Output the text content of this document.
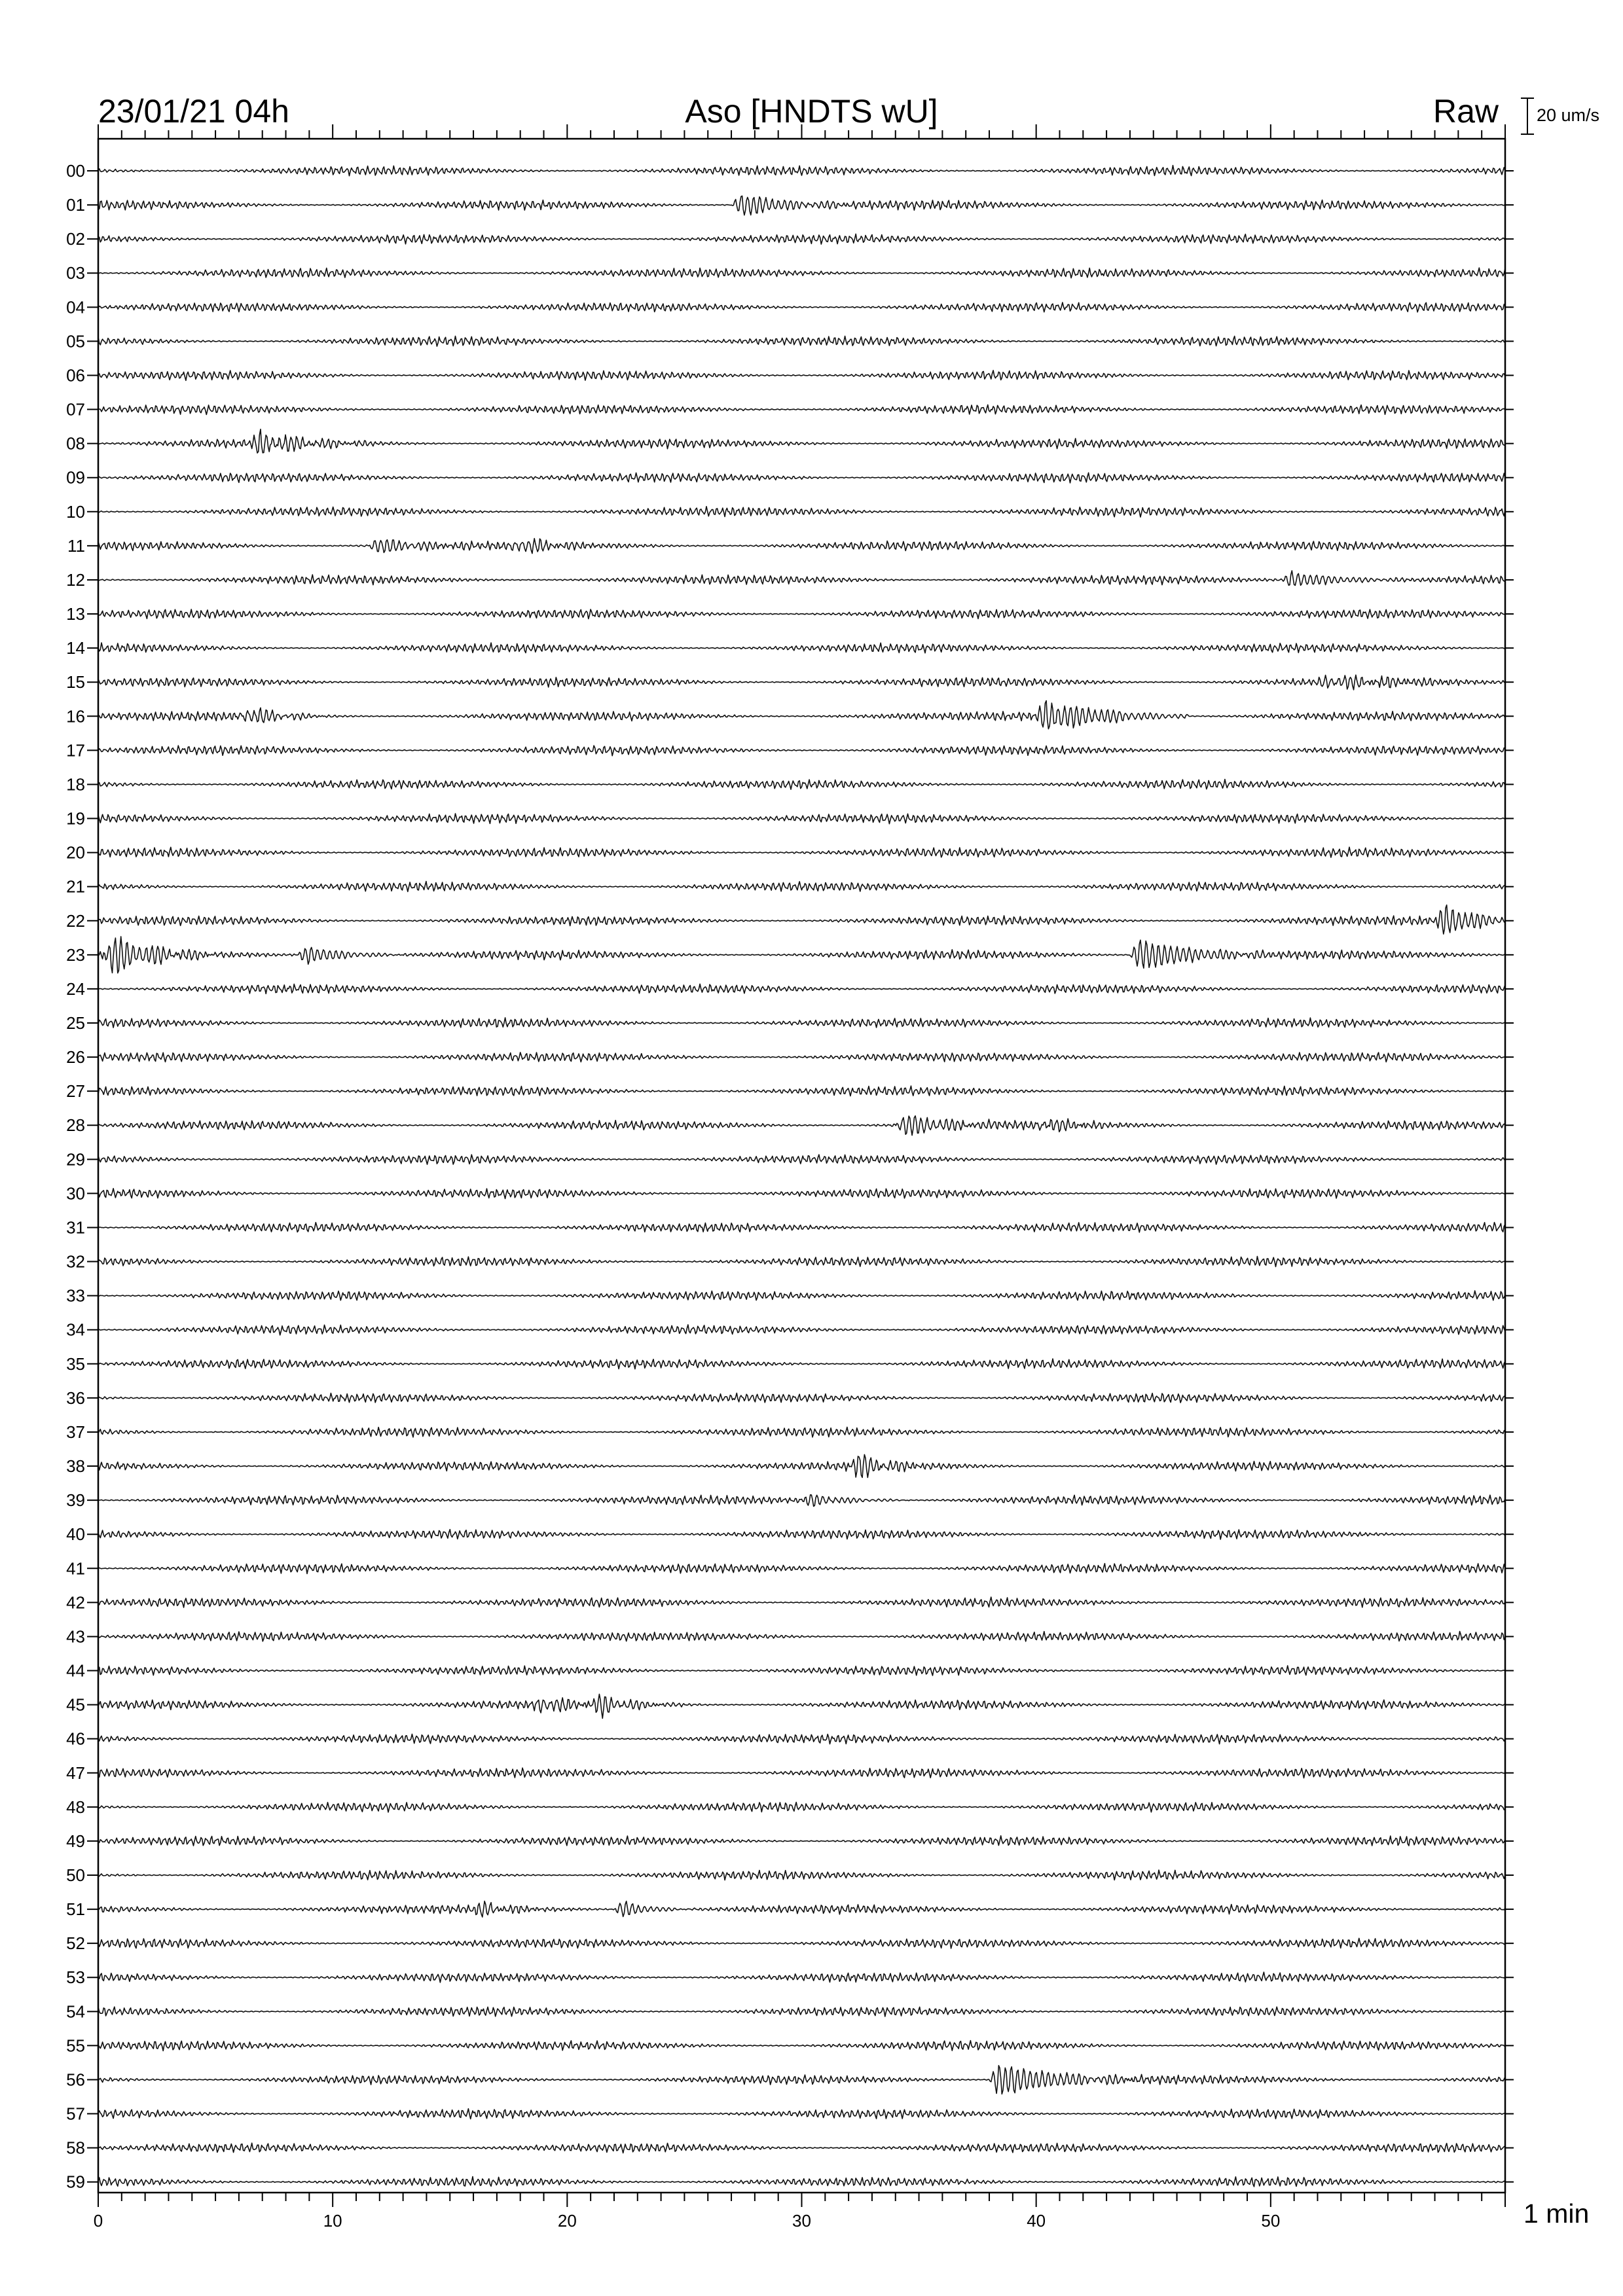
23/01/21 04h	Aso [HNDTS wU]	Raw 20 um/s
00
01
02
03
04
05
06
07
08
09
10
11
12
13
14
15
16
17
18
19
20
21
22
23
24
25
26
27
28
29
30
31
32
33
34
35
36
37
38
39
40
41
42
43
44
45
46
47
48
49
50
51
52
53
54
55
56
57
58
59
0	10	20	30	40	50	1 min
